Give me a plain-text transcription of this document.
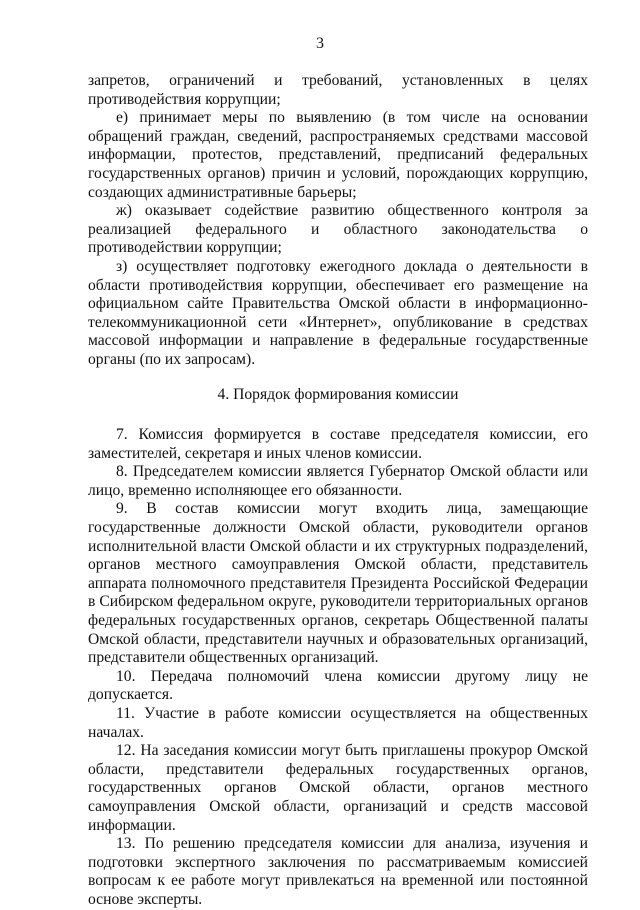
3

запретов, ограничений и требований, установленных в целях противодействия коррупции;

е) принимает меры по выявлению (в том числе на основании обращений граждан, сведений, распространяемых средствами массовой информации, протестов, представлений, предписаний федеральных государственных органов) причин и условий, порождающих коррупцию, создающих административные барьеры;

ж) оказывает содействие развитию общественного контроля за реализацией федерального и областного законодательства о противодействии коррупции;

з) осуществляет подготовку ежегодного доклада о деятельности в области противодействия коррупции, обеспечивает его размещение на официальном сайте Правительства Омской области в информационно-телекоммуникационной сети «Интернет», опубликование в средствах массовой информации и направление в федеральные государственные органы (по их запросам).

4. Порядок формирования комиссии

7. Комиссия формируется в составе председателя комиссии, его заместителей, секретаря и иных членов комиссии.

8. Председателем комиссии является Губернатор Омской области или лицо, временно исполняющее его обязанности.

9. В состав комиссии могут входить лица, замещающие государственные должности Омской области, руководители органов исполнительной власти Омской области и их структурных подразделений, органов местного самоуправления Омской области, представитель аппарата полномочного представителя Президента Российской Федерации в Сибирском федеральном округе, руководители территориальных органов федеральных государственных органов, секретарь Общественной палаты Омской области, представители научных и образовательных организаций, представители общественных организаций.

10. Передача полномочий члена комиссии другому лицу не допускается.

11. Участие в работе комиссии осуществляется на общественных началах.

12. На заседания комиссии могут быть приглашены прокурор Омской области, представители федеральных государственных органов, государственных органов Омской области, органов местного самоуправления Омской области, организаций и средств массовой информации.

13. По решению председателя комиссии для анализа, изучения и подготовки экспертного заключения по рассматриваемым комиссией вопросам к ее работе могут привлекаться на временной или постоянной основе эксперты.
